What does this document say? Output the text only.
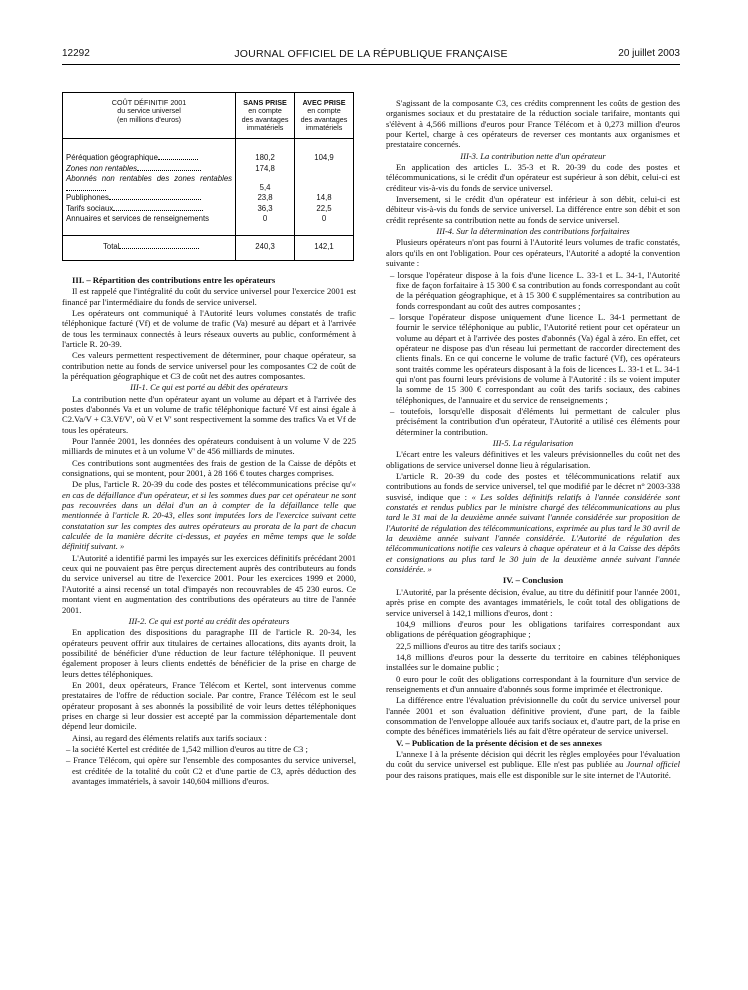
12292	JOURNAL OFFICIEL DE LA RÉPUBLIQUE FRANÇAISE	20 juillet 2003
COÛT DÉFINITIF 2001
du service universel
(en millions d'euros)	SANS PRISE
en compte
des avantages
immatériels	AVEC PRISE
en compte
des avantages
immatériels
Péréquation géographique	180,2	104,9
Zones non rentables	174,8	
Abonnés non rentables des zones rentables	5,4	
Publiphones	23,8	14,8
Tarifs sociaux	36,3	22,5
Annuaires et services de renseignements	0	0
Total	240,3	142,1

III. – Répartition des contributions entre les opérateurs

Il est rappelé que l'intégralité du coût du service universel pour l'exercice 2001 est financé par l'intermédiaire du fonds de service universel.

Les opérateurs ont communiqué à l'Autorité leurs volumes constatés de trafic téléphonique facturé (Vf) et de volume de trafic (Va) mesuré au départ et à l'arrivée de tous les terminaux connectés à leurs réseaux ouverts au public, conformément à l'article R. 20-39.

Ces valeurs permettent respectivement de déterminer, pour chaque opérateur, sa contribution nette au fonds de service universel pour les composantes C2 de coût de la péréquation géographique et C3 de coût net des autres composantes.

III-1. Ce qui est porté au débit des opérateurs

La contribution nette d'un opérateur ayant un volume au départ et à l'arrivée des postes d'abonnés Va et un volume de trafic téléphonique facturé Vf est ainsi égale à C2.Va/V + C3.Vf/V', où V et V' sont respectivement la somme des trafics Va et Vf de tous les opérateurs.

Pour l'année 2001, les données des opérateurs conduisent à un volume V de 225 milliards de minutes et à un volume V' de 456 milliards de minutes.

Ces contributions sont augmentées des frais de gestion de la Caisse de dépôts et consignations, qui se montent, pour 2001, à 28 166 € toutes charges comprises.

De plus, l'article R. 20-39 du code des postes et télécommunications précise qu'« en cas de défaillance d'un opérateur, et si les sommes dues par cet opérateur ne sont pas recouvrées dans un délai d'un an à compter de la défaillance telle que mentionnée à l'article R. 20-43, elles sont imputées lors de l'exercice suivant cette constatation sur les comptes des autres opérateurs au prorata de la part de chacun calculée de la manière décrite ci-dessus, et payées en même temps que le solde définitif suivant. »

L'Autorité a identifié parmi les impayés sur les exercices définitifs précédant 2001 ceux qui ne pouvaient pas être perçus directement auprès des contributeurs au fonds du service universel au titre de l'exercice 2001. Pour les exercices 1999 et 2000, l'Autorité a ainsi recensé un total d'impayés non recouvrables de 45 230 euros. Ce montant vient en augmentation des contributions des opérateurs au titre de l'année 2001.

III-2. Ce qui est porté au crédit des opérateurs

En application des dispositions du paragraphe III de l'article R. 20-34, les opérateurs peuvent offrir aux titulaires de certaines allocations, dits ayants droit, la possibilité de bénéficier d'une réduction de leur facture téléphonique. Il peuvent également proposer à leurs clients endettés de bénéficier de la prise en charge de leurs dettes téléphoniques.

En 2001, deux opérateurs, France Télécom et Kertel, sont intervenus comme prestataires de l'offre de réduction sociale. Par contre, France Télécom est le seul opérateur proposant à ses abonnés la possibilité de voir leurs dettes téléphoniques prises en charge si leur dossier est accepté par la commission départementale dont dépend leur domicile.

Ainsi, au regard des éléments relatifs aux tarifs sociaux :

– la société Kertel est créditée de 1,542 million d'euros au titre de C3 ;

– France Télécom, qui opère sur l'ensemble des composantes du service universel, est créditée de la totalité du coût C2 et d'une partie de C3, après déduction des avantages immatériels, à savoir 140,604 millions d'euros.

S'agissant de la composante C3, ces crédits comprennent les coûts de gestion des organismes sociaux et du prestataire de la réduction sociale tarifaire, montants qui s'élèvent à 4,566 millions d'euros pour France Télécom et à 0,273 million d'euros pour Kertel, charge à ces opérateurs de reverser ces montants aux organismes et prestataire concernés.

III-3. La contribution nette d'un opérateur

En application des articles L. 35-3 et R. 20-39 du code des postes et télécommunications, si le crédit d'un opérateur est supérieur à son débit, celui-ci est créditeur vis-à-vis du fonds de service universel.

Inversement, si le crédit d'un opérateur est inférieur à son débit, celui-ci est débiteur vis-à-vis du fonds de service universel. La différence entre son débit et son crédit représente sa contribution nette au fonds de service universel.

III-4. Sur la détermination des contributions forfaitaires

Plusieurs opérateurs n'ont pas fourni à l'Autorité leurs volumes de trafic constatés, alors qu'ils en ont l'obligation. Pour ces opérateurs, l'Autorité a adopté la convention suivante :

– lorsque l'opérateur dispose à la fois d'une licence L. 33-1 et L. 34-1, l'Autorité fixe de façon forfaitaire à 15 300 € sa contribution au fonds correspondant au coût de la péréquation géographique, et à 15 300 € supplémentaires sa contribution au fonds correspondant au coût des autres composantes ;

– lorsque l'opérateur dispose uniquement d'une licence L. 34-1 permettant de fournir le service téléphonique au public, l'Autorité retient pour cet opérateur un volume au départ et à l'arrivée des postes d'abonnés (Va) égal à zéro. En effet, cet opérateur ne dispose pas d'un réseau lui permettant de raccorder directement des clients finals. En ce qui concerne le volume de trafic facturé (Vf), ces opérateurs sont traités comme les opérateurs disposant à la fois de licences L. 33-1 et L. 34-1 qui n'ont pas fourni leurs prévisions de volume à l'Autorité : ils se voient imputer la somme de 15 300 € correspondant au coût des tarifs sociaux, des cabines téléphoniques, de l'annuaire et du service de renseignements ;

– toutefois, lorsqu'elle disposait d'éléments lui permettant de calculer plus précisément la contribution d'un opérateur, l'Autorité a utilisé ces éléments pour déterminer la contribution.

III-5. La régularisation

L'écart entre les valeurs définitives et les valeurs prévisionnelles du coût net des obligations de service universel donne lieu à régularisation.

L'article R. 20-39 du code des postes et télécommunications relatif aux contributions au fonds de service universel, tel que modifié par le décret n° 2003-338 susvisé, indique que : « Les soldes définitifs relatifs à l'année considérée sont constatés et rendus publics par le ministre chargé des télécommunications au plus tard le 31 mai de la deuxième année suivant l'année considérée sur proposition de l'Autorité de régulation des télécommunications, exprimée au plus tard le 30 avril de la deuxième année suivant l'année considérée. L'Autorité de régulation des télécommunications notifie ces valeurs à chaque opérateur et à la Caisse des dépôts et consignations au plus tard le 30 juin de la deuxième année suivant l'année considérée. »

IV. – Conclusion

L'Autorité, par la présente décision, évalue, au titre du définitif pour l'année 2001, après prise en compte des avantages immatériels, le coût total des obligations de service universel à 142,1 millions d'euros, dont :

104,9 millions d'euros pour les obligations tarifaires correspondant aux obligations de péréquation géographique ;

22,5 millions d'euros au titre des tarifs sociaux ;

14,8 millions d'euros pour la desserte du territoire en cabines téléphoniques installées sur le domaine public ;

0 euro pour le coût des obligations correspondant à la fourniture d'un service de renseignements et d'un annuaire d'abonnés sous forme imprimée et électronique.

La différence entre l'évaluation prévisionnelle du coût du service universel pour l'année 2001 et son évaluation définitive provient, d'une part, de la faible consommation de l'enveloppe allouée aux tarifs sociaux et, d'autre part, de la prise en compte des bénéfices immatériels liés au fait d'être opérateur de service universel.

V. – Publication de la présente décision et de ses annexes

L'annexe I à la présente décision qui décrit les règles employées pour l'évaluation du coût du service universel est publique. Elle n'est pas publiée au Journal officiel pour des raisons pratiques, mais elle est disponible sur le site internet de l'Autorité.
